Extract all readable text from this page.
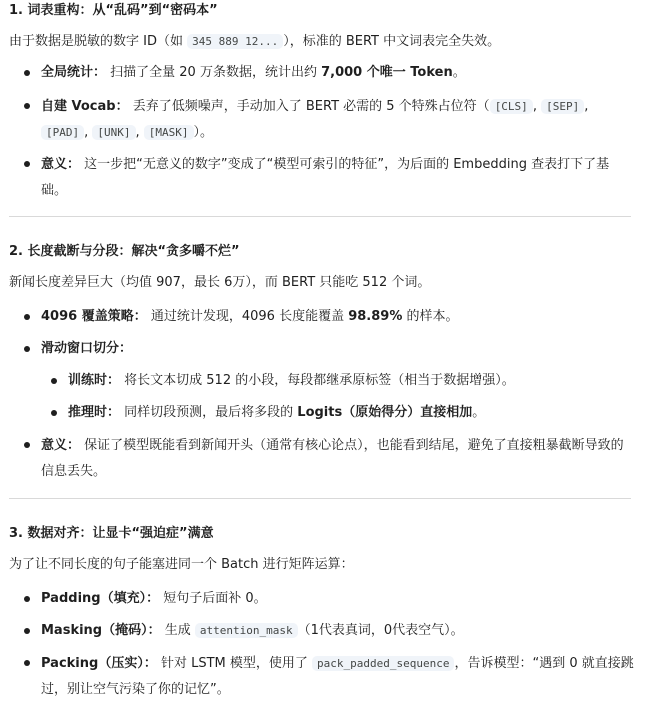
1. 词表重构：从“乱码”到“密码本”

由于数据是脱敏的数字 ID（如 345 889 12... ），标准的 BERT 中文词表完全失效。

全局统计： 扫描了全量 20 万条数据，统计出约 7,000 个唯一 Token。
自建 Vocab： 丢弃了低频噪声，手动加入了 BERT 必需的 5 个特殊占位符（ [CLS] , [SEP] , [PAD] , [UNK] , [MASK] ）。
意义： 这一步把“无意义的数字”变成了“模型可索引的特征”，为后面的 Embedding 查表打下了基础。

2. 长度截断与分段：解决“贪多嚼不烂”

新闻长度差异巨大（均值 907，最长 6万），而 BERT 只能吃 512 个词。

4096 覆盖策略： 通过统计发现，4096 长度能覆盖 98.89% 的样本。
滑动窗口切分：
训练时： 将长文本切成 512 的小段，每段都继承原标签（相当于数据增强）。
推理时： 同样切段预测，最后将多段的 Logits（原始得分）直接相加。
意义： 保证了模型既能看到新闻开头（通常有核心论点），也能看到结尾，避免了直接粗暴截断导致的信息丢失。

3. 数据对齐：让显卡“强迫症”满意

为了让不同长度的句子能塞进同一个 Batch 进行矩阵运算：

Padding（填充）： 短句子后面补 0。
Masking（掩码）： 生成 attention_mask （1代表真词，0代表空气）。
Packing（压实）： 针对 LSTM 模型，使用了 pack_padded_sequence ，告诉模型：“遇到 0 就直接跳过，别让空气污染了你的记忆”。
